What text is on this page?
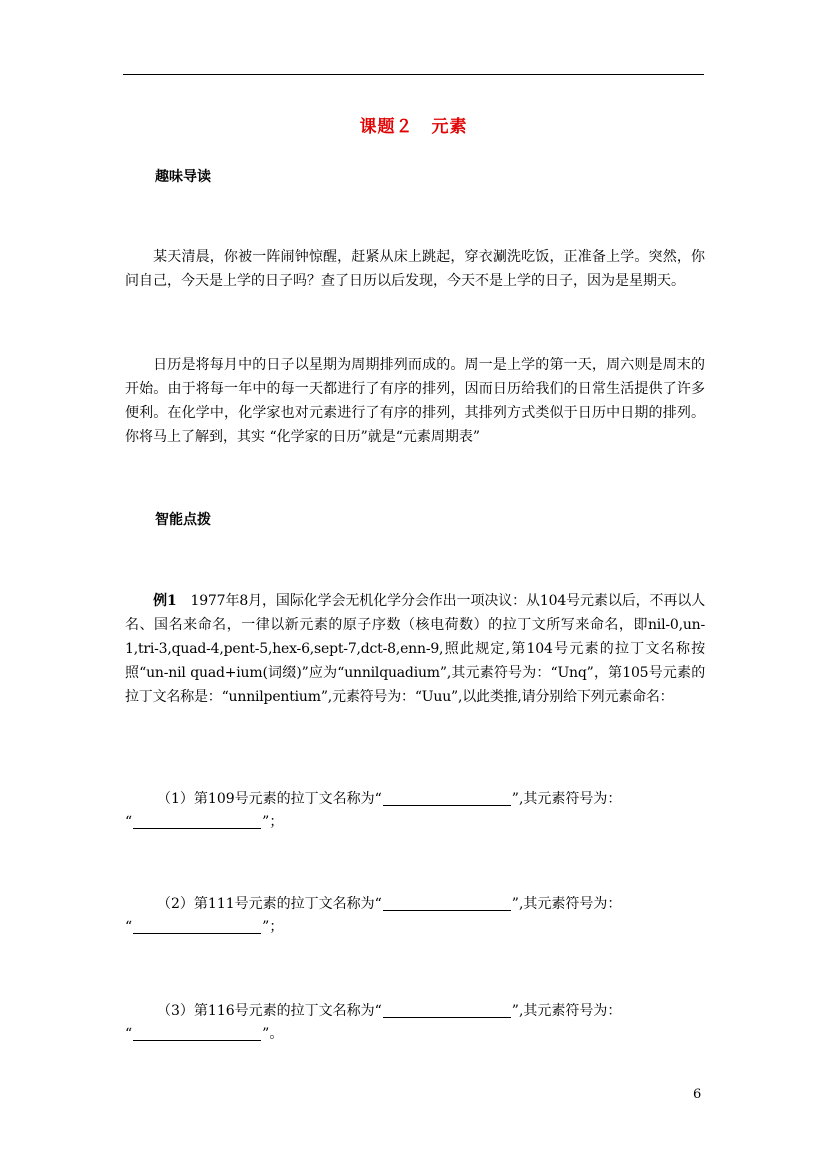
课题２　元素
趣味导读
某天清晨，你被一阵闹钟惊醒，赶紧从床上跳起，穿衣涮洗吃饭，正准备上学。突然，你问自己，今天是上学的日子吗？查了日历以后发现，今天不是上学的日子，因为是星期天。
日历是将每月中的日子以星期为周期排列而成的。周一是上学的第一天，周六则是周末的开始。由于将每一年中的每一天都进行了有序的排列，因而日历给我们的日常生活提供了许多便利。在化学中，化学家也对元素进行了有序的排列，其排列方式类似于日历中日期的排列。你将马上了解到，其实 “化学家的日历”就是“元素周期表”
智能点拨
例1　1977年8月，国际化学会无机化学分会作出一项决议：从104号元素以后，不再以人名、国名来命名，一律以新元素的原子序数（核电荷数）的拉丁文所写来命名，即nil-0,un-1,tri-3,quad-4,pent-5,hex-6,sept-7,dct-8,enn-9,照此规定,第104号元素的拉丁文名称按照“un-nil quad+ium(词缀)”应为“unnilquadium”,其元素符号为：“Unq”，第105号元素的拉丁文名称是：“unnilpentium”,元素符号为：“Uuu”,以此类推,请分别给下列元素命名：
（1）第109号元素的拉丁文名称为“	”,其元素符号为：
“	”；
（2）第111号元素的拉丁文名称为“	”,其元素符号为：
“	”；
（3）第116号元素的拉丁文名称为“	”,其元素符号为：
“	”。
6
